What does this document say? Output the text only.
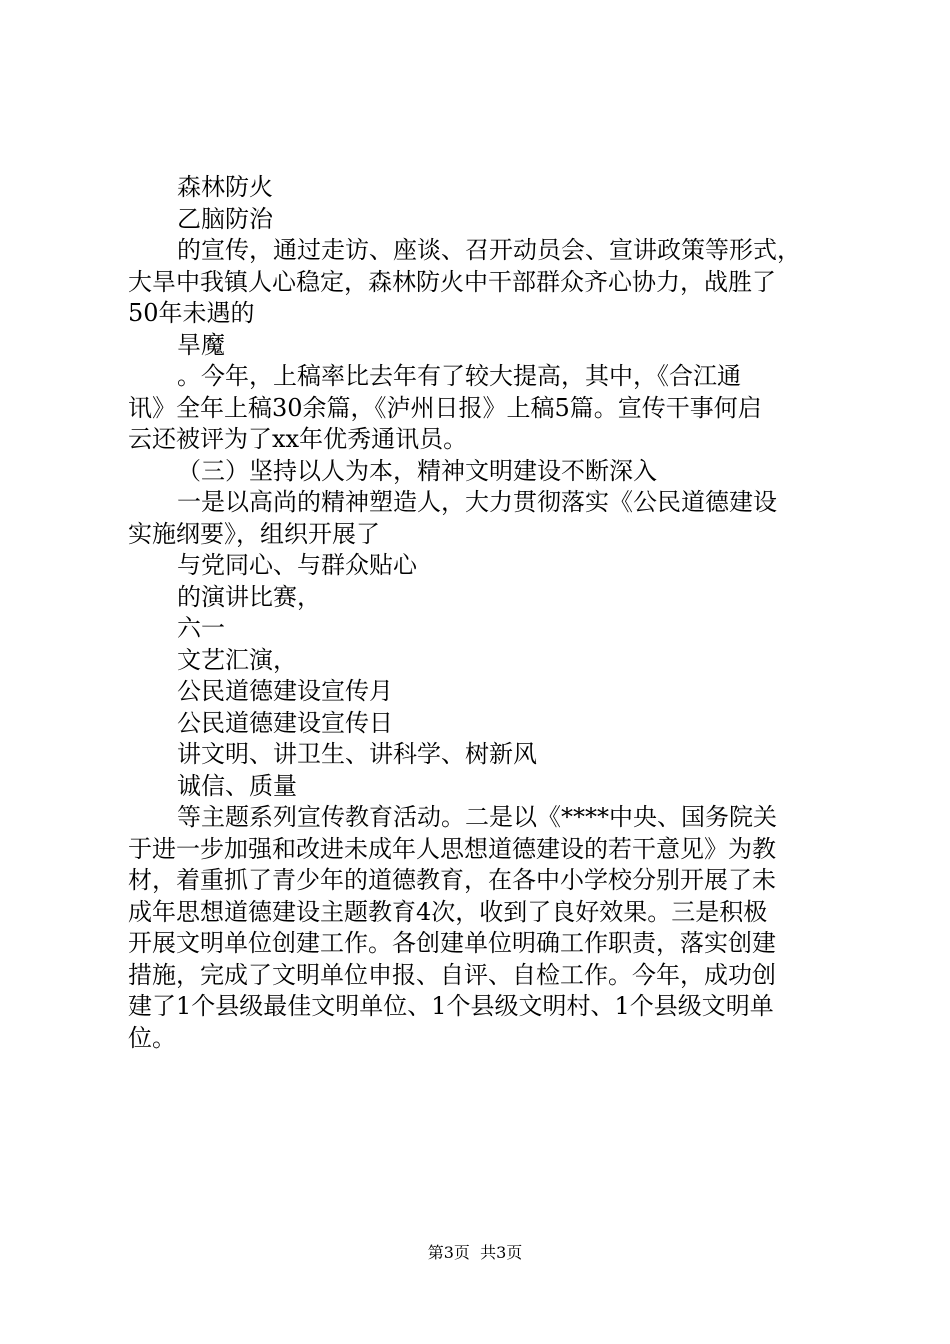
森林防火

乙脑防治

的宣传，通过走访、座谈、召开动员会、宣讲政策等形式，

大旱中我镇人心稳定，森林防火中干部群众齐心协力，战胜了

50年未遇的

旱魔

。今年，上稿率比去年有了较大提高，其中，《合江通

讯》全年上稿30余篇，《泸州日报》上稿5篇。宣传干事何启

云还被评为了xx年优秀通讯员。

（三）坚持以人为本，精神文明建设不断深入

一是以高尚的精神塑造人，大力贯彻落实《公民道德建设

实施纲要》，组织开展了

与党同心、与群众贴心

的演讲比赛，

六一

文艺汇演，

公民道德建设宣传月

公民道德建设宣传日

讲文明、讲卫生、讲科学、树新风

诚信、质量

等主题系列宣传教育活动。二是以《****中央、国务院关

于进一步加强和改进未成年人思想道德建设的若干意见》为教

材，着重抓了青少年的道德教育，在各中小学校分别开展了未

成年思想道德建设主题教育4次，收到了良好效果。三是积极

开展文明单位创建工作。各创建单位明确工作职责，落实创建

措施，完成了文明单位申报、自评、自检工作。今年，成功创

建了1个县级最佳文明单位、1个县级文明村、1个县级文明单

位。

第3页  共3页
